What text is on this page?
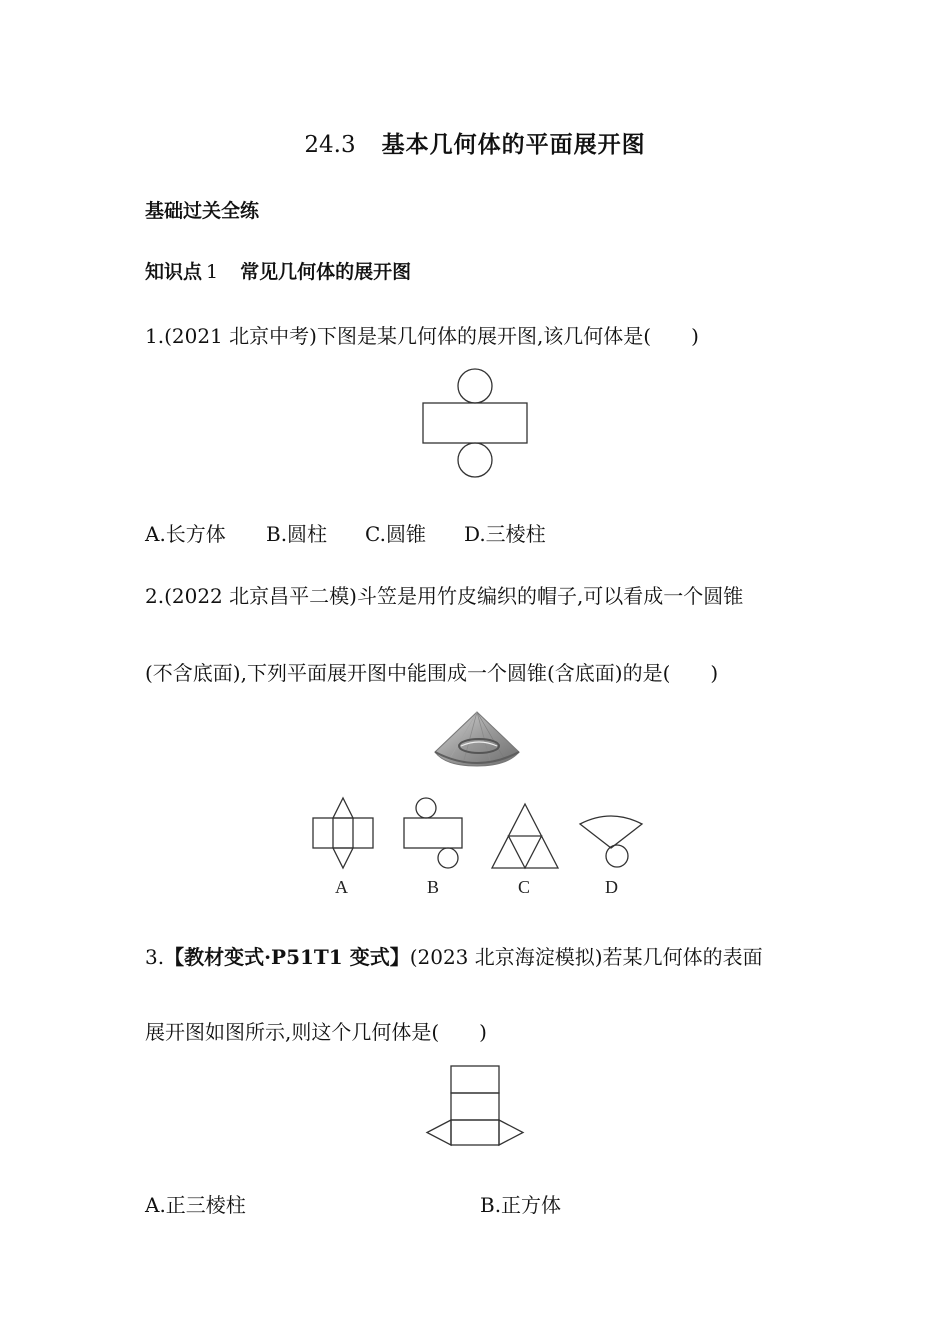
24.3 基本几何体的平面展开图
基础过关全练
知识点 1 常见几何体的展开图
1.(2021 北京中考)下图是某几何体的展开图,该几何体是(　　)
A.长方体 B.圆柱 C.圆锥 D.三棱柱
2.(2022 北京昌平二模)斗笠是用竹皮编织的帽子,可以看成一个圆锥
(不含底面),下列平面展开图中能围成一个圆锥(含底面)的是(　　)
A	B	C	D
3.【教材变式·P51T1 变式】(2023 北京海淀模拟)若某几何体的表面
展开图如图所示,则这个几何体是(　　)
A.正三棱柱	B.正方体
